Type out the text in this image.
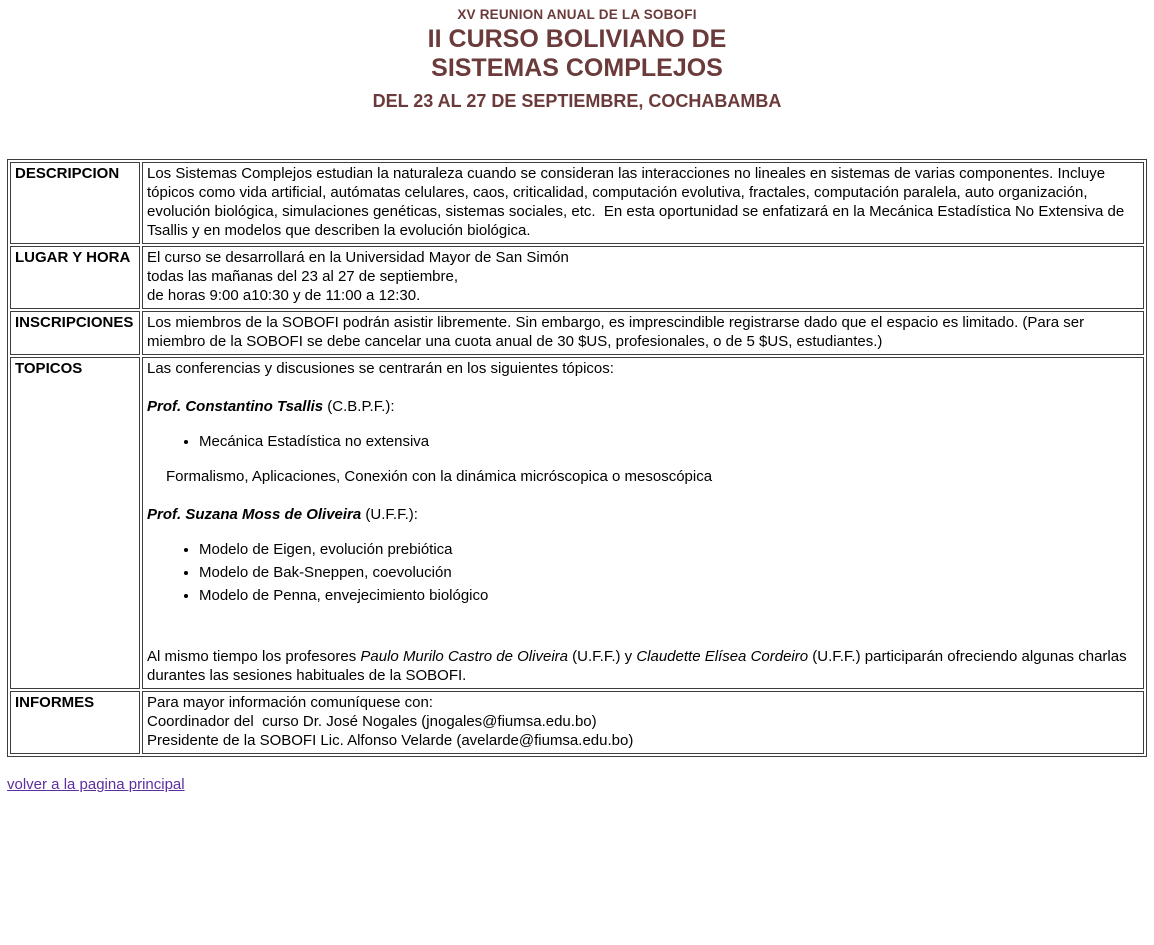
XV REUNION ANUAL DE LA SOBOFI
II CURSO BOLIVIANO DE
SISTEMAS COMPLEJOS
DEL 23 AL 27 DE SEPTIEMBRE, COCHABAMBA
DESCRIPCION	Los Sistemas Complejos estudian la naturaleza cuando se consideran las interacciones no lineales en sistemas de varias componentes. Incluye tópicos como vida artificial, autómatas celulares, caos, criticalidad, computación evolutiva, fractales, computación paralela, auto organización, evolución biológica, simulaciones genéticas, sistemas sociales, etc.  En esta oportunidad se enfatizará en la Mecánica Estadística No Extensiva de Tsallis y en modelos que describen la evolución biológica.
LUGAR Y HORA	El curso se desarrollará en la Universidad Mayor de San Simón
todas las mañanas del 23 al 27 de septiembre,
de horas 9:00 a10:30 y de 11:00 a 12:30.

INSCRIPCIONES	Los miembros de la SOBOFI podrán asistir libremente. Sin embargo, es imprescindible registrarse dado que el espacio es limitado. (Para ser miembro de la SOBOFI se debe cancelar una cuota anual de 30 $US, profesionales, o de 5 $US, estudiantes.)
TOPICOS	Las conferencias y discusiones se centrarán en los siguientes tópicos:

Prof. Constantino Tsallis (C.B.P.F.):

• Mecánica Estadística no extensiva
Formalismo, Aplicaciones, Conexión con la dinámica micróscopica o mesoscópica

Prof. Suzana Moss de Oliveira (U.F.F.):

• Modelo de Eigen, evolución prebiótica
• Modelo de Bak-Sneppen, coevolución
• Modelo de Penna, envejecimiento biológico

Al mismo tiempo los profesores Paulo Murilo Castro de Oliveira (U.F.F.) y Claudette Elísea Cordeiro (U.F.F.) participarán ofreciendo algunas charlas durantes las sesiones habituales de la SOBOFI.

INFORMES	Para mayor información comuníquese con:
Coordinador del  curso Dr. José Nogales (jnogales@fiumsa.edu.bo)
Presidente de la SOBOFI Lic. Alfonso Velarde (avelarde@fiumsa.edu.bo)
volver a la pagina principal
